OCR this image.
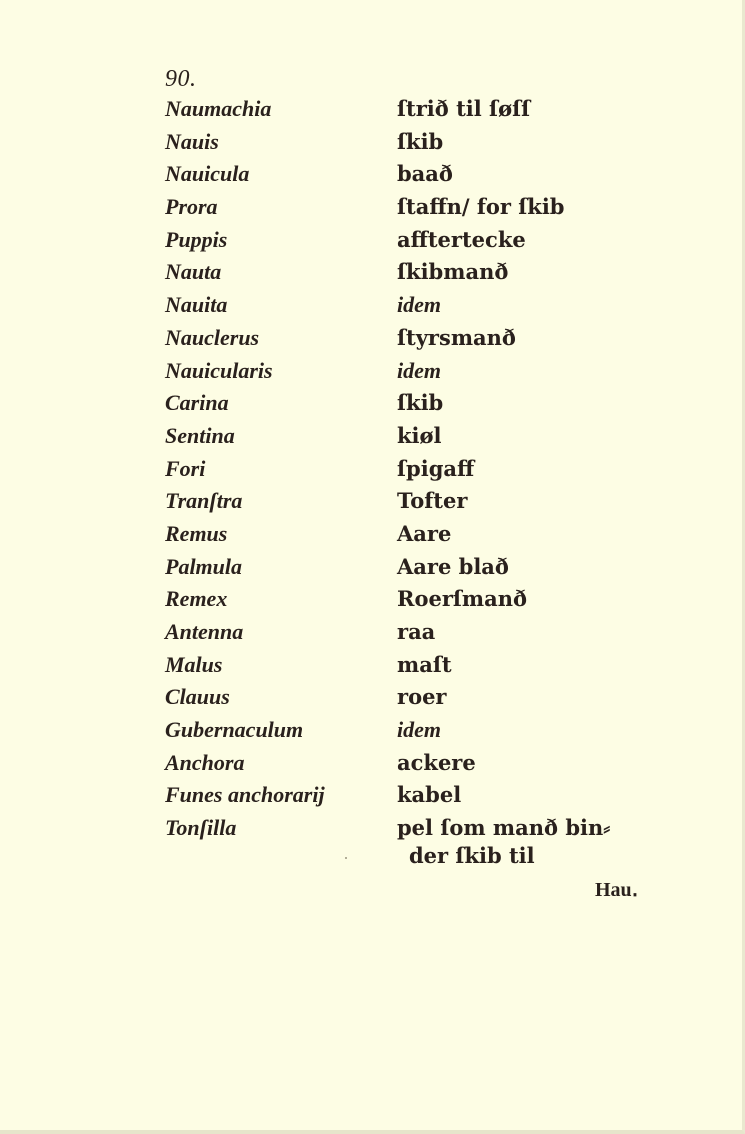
90.
Naumachia	ſtrið til ſøſſ
Nauis	ſkib
Nauicula	baað
Prora	ſtaffn/ for ſkib
Puppis	afftertecke
Nauta	ſkibmanð
Nauita	idem
Nauclerus	ſtyrsmanð
Nauicularis	idem
Carina	ſkib
Sentina	kiøl
Fori	ſpigaff
Tranſtra	Tofter
Remus	Aare
Palmula	Aare blað
Remex	Roerſmanð
Antenna	raa
Malus	maſt
Clauus	roer
Gubernaculum	idem
Anchora	ackere
Funes anchorarij	kabel
Tonſilla	pel ſom manð bin⸗
der ſkib til
Hau․
